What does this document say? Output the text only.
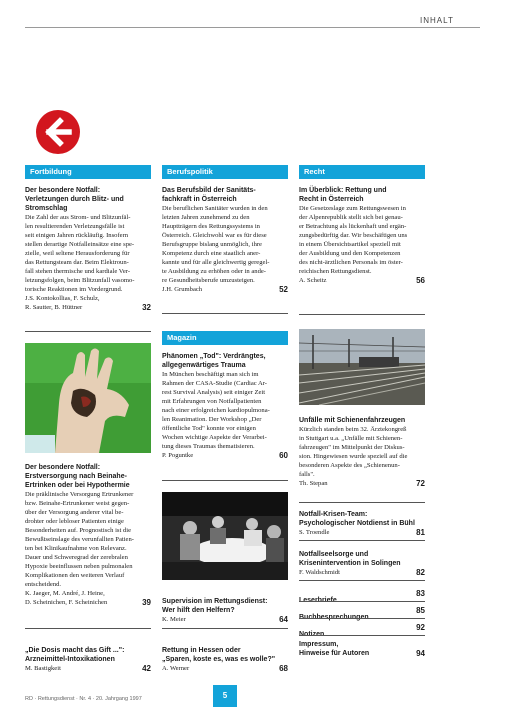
INHALT
Fortbildung

Der besondere Notfall:

Verletzungen durch Blitz- und

Stromschlag

Die Zahl der aus Strom- und Blitzunfäl-

len resultierenden Verletzungsfälle ist

seit einigen Jahren rückläufig. Insofern

stellen derartige Notfalleinsätze eine spe-

zielle, weil seltene Herausforderung für

das Rettungsteam dar. Beim Elektroun-

fall stehen thermische und kardiale Ver-

letzungsfolgen, beim Blitzunfall vasomo-

torische Reaktionen im Vordergrund.

J.S. Kontokollias, F. Schulz,

R. Sautter, B. Hüttner	32

Der besondere Notfall:

Erstversorgung nach Beinahe-

Ertrinken oder bei Hypothermie

Die präklinische Versorgung Ertrunkener

bzw. Beinahe-Ertrunkener weist gegen-

über der Versorgung anderer vital be-

drohter oder lebloser Patienten einige

Besonderheiten auf. Prognostisch ist die

Bewußtseinslage des verunfallten Patien-

ten bei Klinikaufnahme von Relevanz.

Dauer und Schweregrad der zerebralen

Hypoxie beeinflussen neben pulmonalen

Komplikationen den weiteren Verlauf

entscheidend.

K. Jaeger, M. André, J. Heine,

D. Scheinichen, F. Scheinichen	39

„Die Dosis macht das Gift ...":

Arzneimittel-Intoxikationen

M. Bastigkeit	42
Berufspolitik

Das Berufsbild der Sanitäts-

fachkraft in Österreich

Die beruflichen Sanitäter wurden in den

letzten Jahren zunehmend zu den

Hauptträgern des Rettungssystems in

Österreich. Gleichwohl war es für diese

Berufsgruppe bislang unmöglich, ihre

Kompetenz durch eine staatlich aner-

kannte und für alle gleichwertig geregel-

te Ausbildung zu erhöhen oder in ande-

re Gesundheitsberufe umzusteigen.

J.H. Grumbach	52
Magazin

Phänomen „Tod": Verdrängtes,

allgegenwärtiges Trauma

In München beschäftigt man sich im

Rahmen der CASA-Studie (Cardiac Ar-

rest Survival Analysis) seit einiger Zeit

mit Erfahrungen von Notfallpatienten

nach einer erfolgreichen kardiopulmona-

len Reanimation. Der Workshop „Der

öffentliche Tod" konnte vor einigen

Wochen wichtige Aspekte der Verarbei-

tung dieses Traumas thematisieren.

P. Poguntke	60

Supervision im Rettungsdienst:

Wer hilft den Helfern?

K. Meier	64

Rettung in Hessen oder

„Sparen, koste es, was es wolle?"

A. Werner	68
Recht

Im Überblick: Rettung und

Recht in Österreich

Die Gesetzeslage zum Rettungswesen in

der Alpenrepublik stellt sich bei genau-

er Betrachtung als lückenhaft und ergän-

zungsbedürftig dar. Wir beschäftigen uns

in einem Übersichtsartikel speziell mit

der Ausbildung und den Kompetenzen

des nicht-ärztlichen Personals im öster-

reichischen Rettungsdienst.

A. Scheitz	56

Unfälle mit Schienenfahrzeugen

Kürzlich standen beim 32. Ärztekongreß

in Stuttgart u.a. „Unfälle mit Schienen-

fahrzeugen" im Mittelpunkt der Diskus-

sion. Hingewiesen wurde speziell auf die

besonderen Aspekte des „Schienenun-

falls".

Th. Stepan	72

Notfall-Krisen-Team:

Psychologischer Notdienst in Bühl

S. Troendle	81

Notfallseelsorge und

Krisenintervention in Solingen

F. Waldschmidt	82
Leserbriefe
83
Buchbesprechungen
85
Notizen
92

Impressum,

Hinweise für Autoren	94
RD · Rettungsdienst · Nr. 4 · 20. Jahrgang 1997	5
